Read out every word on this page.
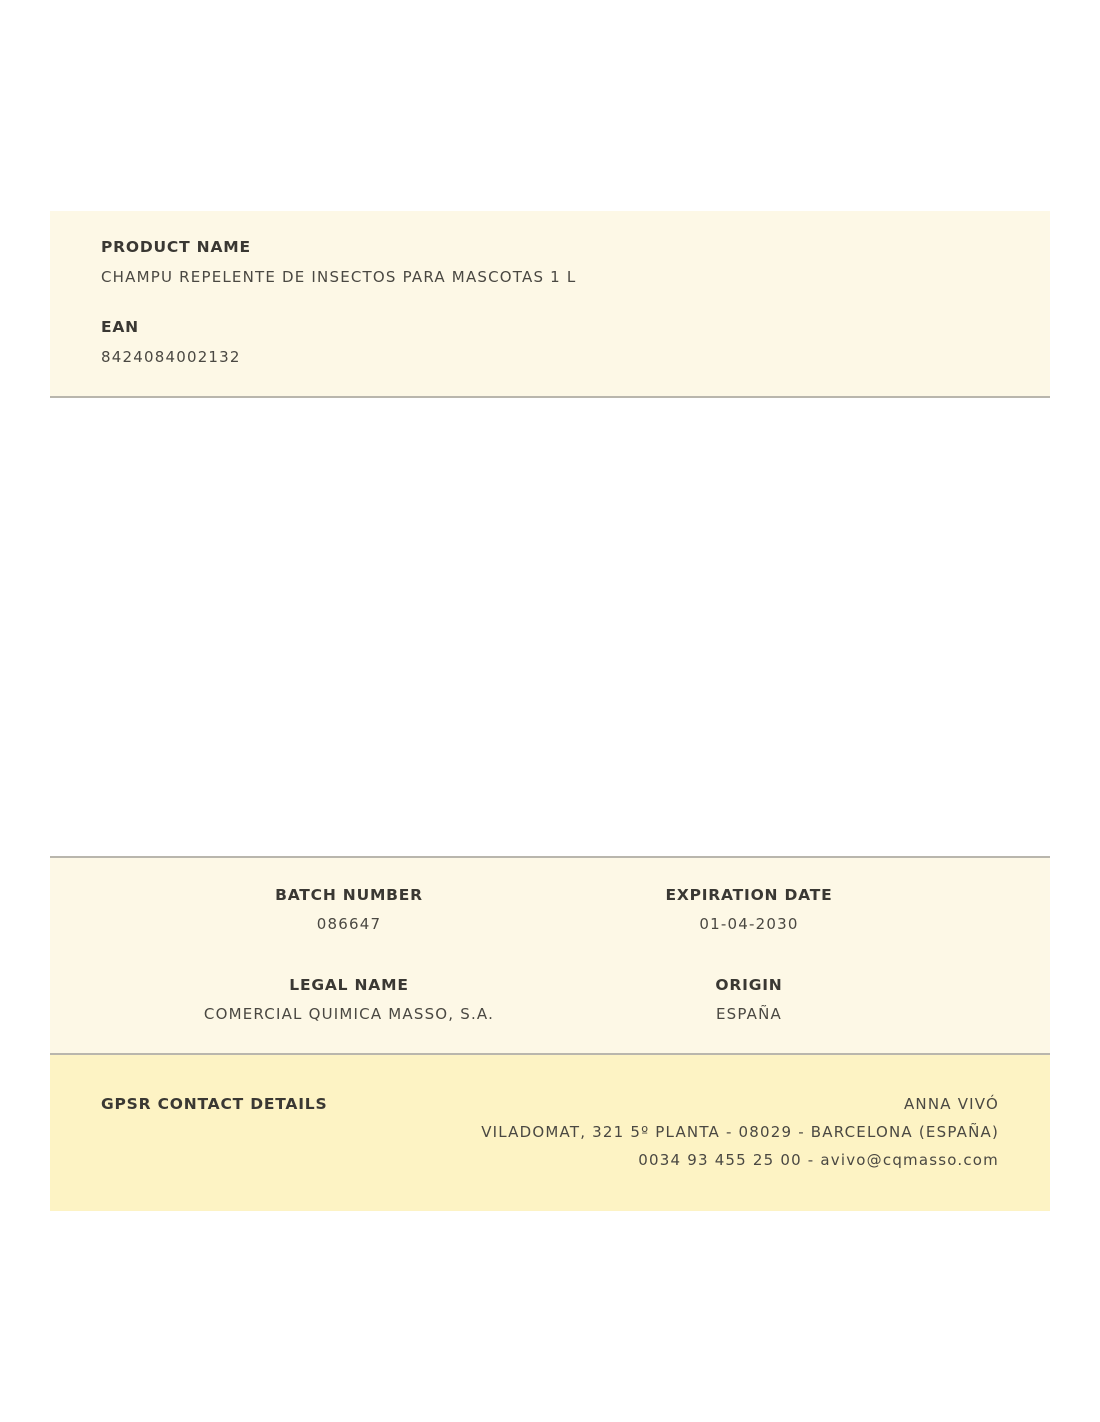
PRODUCT NAME
CHAMPU REPELENTE DE INSECTOS PARA MASCOTAS 1 L
EAN
8424084002132
BATCH NUMBER
086647
EXPIRATION DATE
01-04-2030
LEGAL NAME
COMERCIAL QUIMICA MASSO, S.A.
ORIGIN
ESPAÑA
GPSR CONTACT DETAILS	ANNA VIVÓ
VILADOMAT, 321 5º PLANTA - 08029 - BARCELONA (ESPAÑA)
0034 93 455 25 00 - avivo@cqmasso.com
